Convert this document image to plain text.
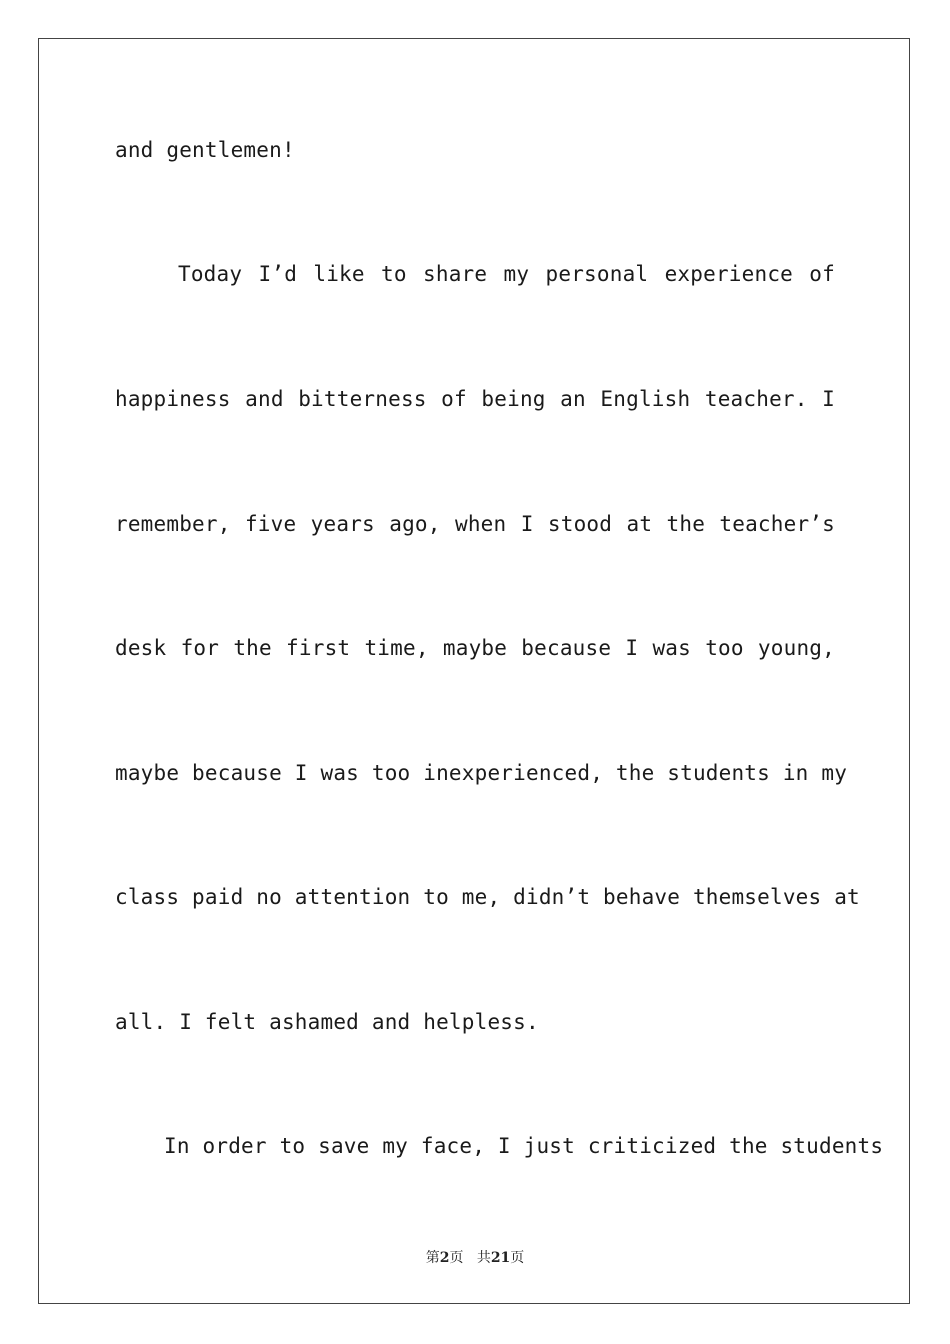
and gentlemen!
Today I’d like to share my personal experience of
happiness and bitterness of being an English teacher. I
remember, five years ago, when I stood at the teacher’s
desk for the first time, maybe because I was too young,
maybe because I was too inexperienced, the students in my
class paid no attention to me, didn’t behave themselves at
all. I felt ashamed and helpless.
In order to save my face, I just criticized the students
第2页 共21页
